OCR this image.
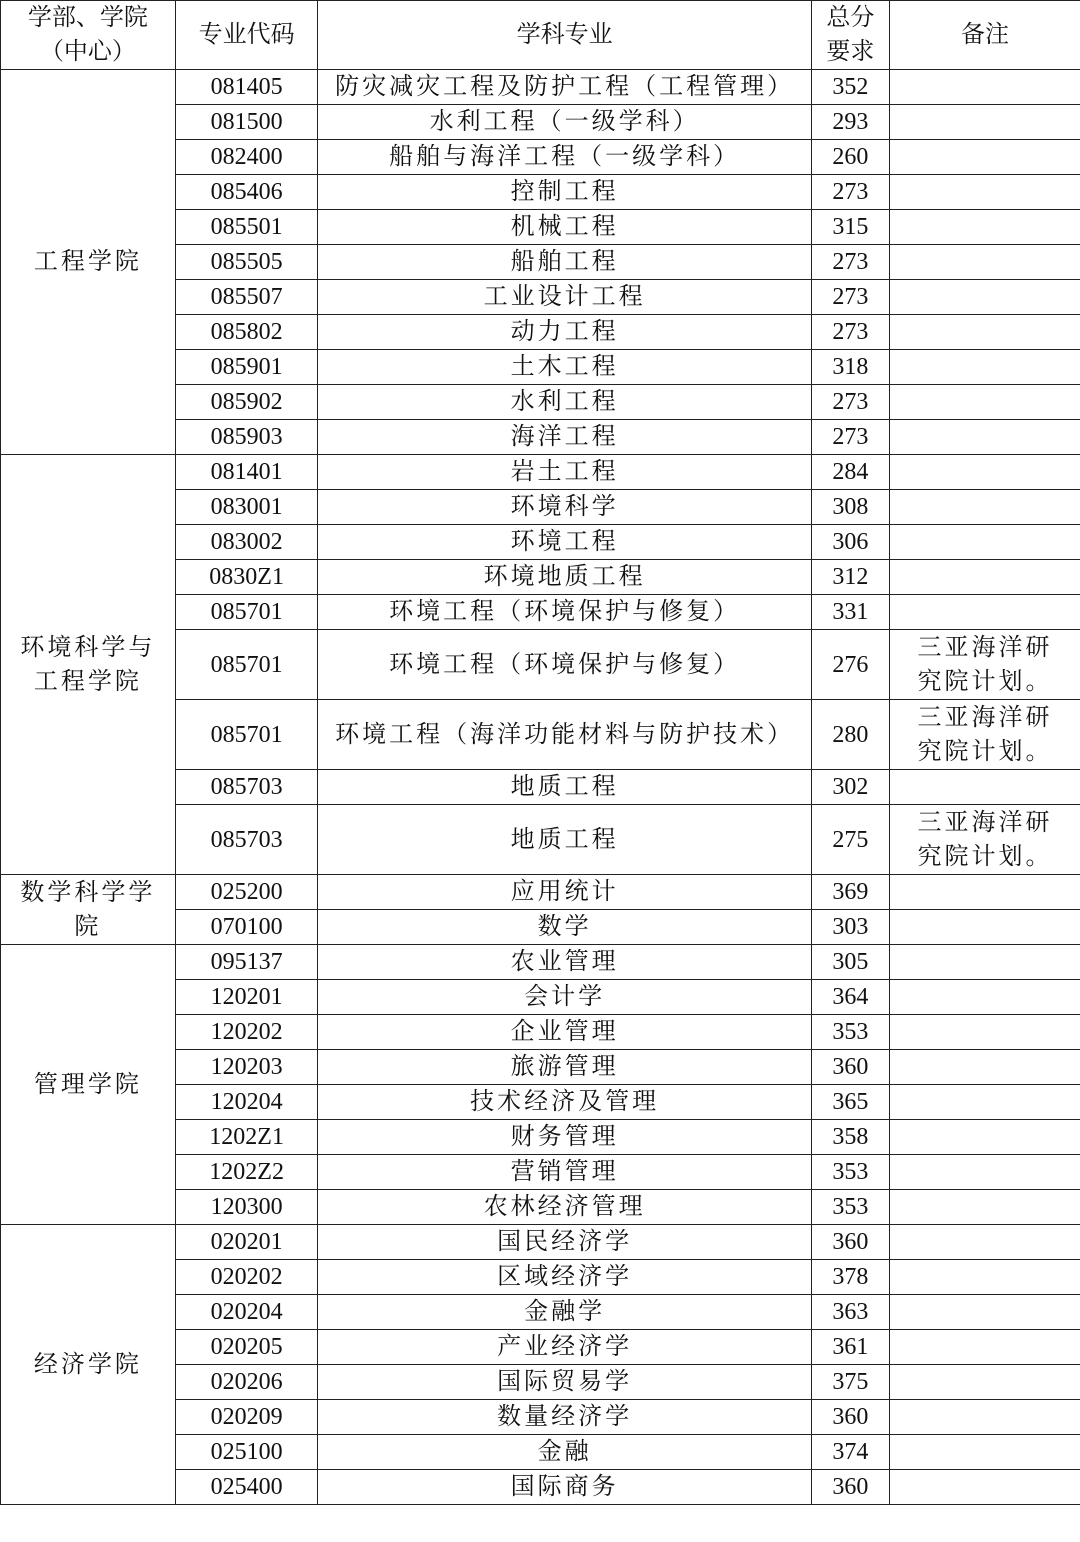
学部、学院（中心）	专业代码	学科专业	总分要求	备注
工程学院	081405	防灾减灾工程及防护工程（工程管理）	352	
	081500	水利工程（一级学科）	293	
	082400	船舶与海洋工程（一级学科）	260	
	085406	控制工程	273	
	085501	机械工程	315	
	085505	船舶工程	273	
	085507	工业设计工程	273	
	085802	动力工程	273	
	085901	土木工程	318	
	085902	水利工程	273	
	085903	海洋工程	273	
环境科学与工程学院	081401	岩土工程	284	
	083001	环境科学	308	
	083002	环境工程	306	
	0830Z1	环境地质工程	312	
	085701	环境工程（环境保护与修复）	331	
	085701	环境工程（环境保护与修复）	276	三亚海洋研究院计划。
	085701	环境工程（海洋功能材料与防护技术）	280	三亚海洋研究院计划。
	085703	地质工程	302	
	085703	地质工程	275	三亚海洋研究院计划。
数学科学学院	025200	应用统计	369	
	070100	数学	303	
管理学院	095137	农业管理	305	
	120201	会计学	364	
	120202	企业管理	353	
	120203	旅游管理	360	
	120204	技术经济及管理	365	
	1202Z1	财务管理	358	
	1202Z2	营销管理	353	
	120300	农林经济管理	353	
经济学院	020201	国民经济学	360	
	020202	区域经济学	378	
	020204	金融学	363	
	020205	产业经济学	361	
	020206	国际贸易学	375	
	020209	数量经济学	360	
	025100	金融	374	
	025400	国际商务	360	
